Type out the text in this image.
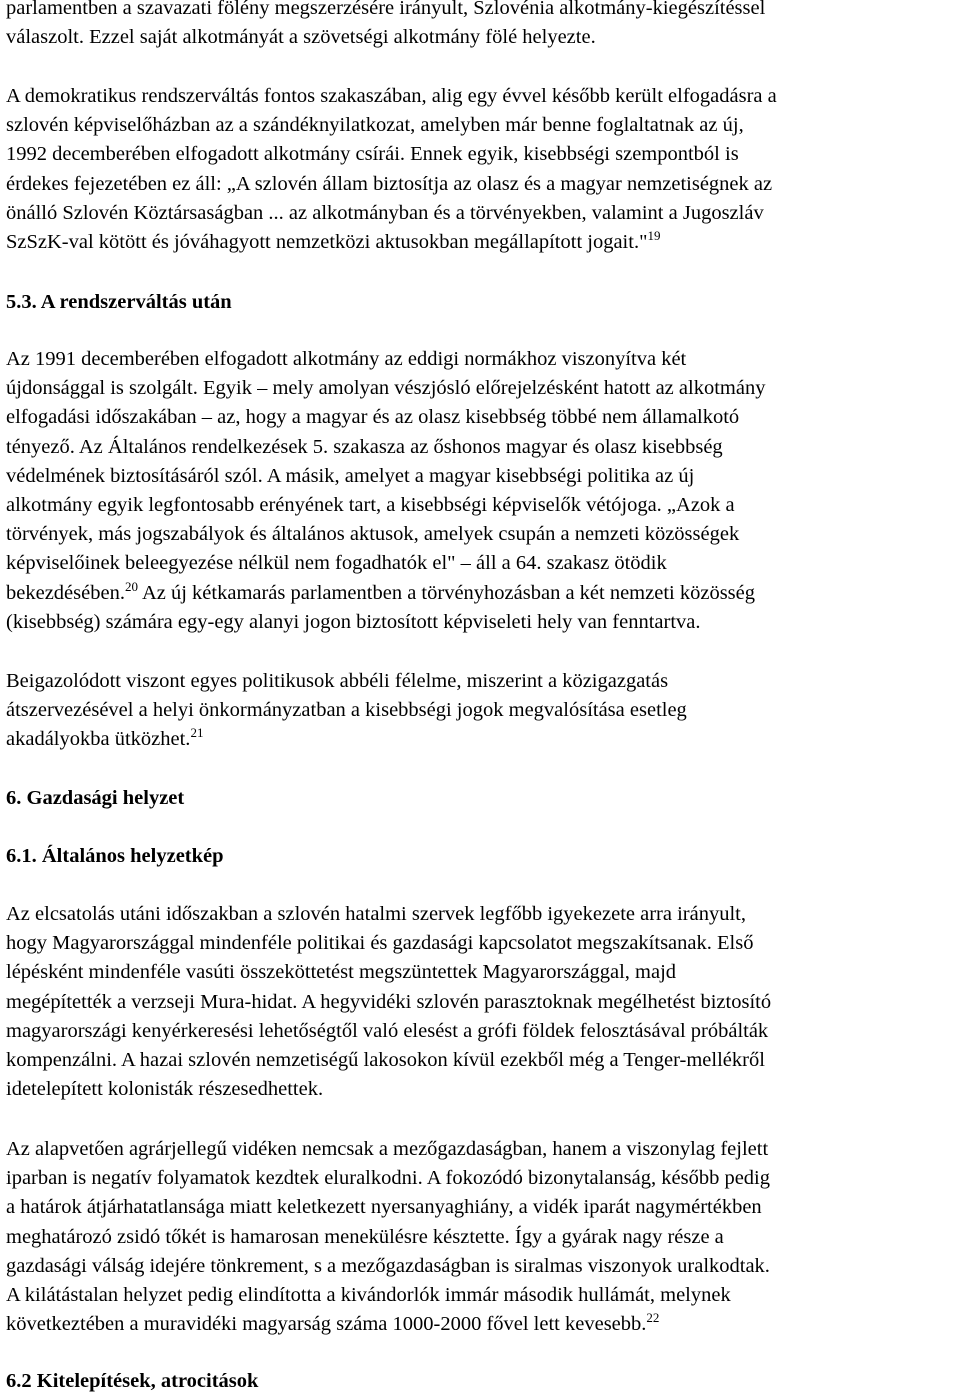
parlamentben a szavazati fölény megszerzésére irányult, Szlovénia alkotmány-kiegészítéssel
válaszolt. Ezzel saját alkotmányát a szövetségi alkotmány fölé helyezte.

A demokratikus rendszerváltás fontos szakaszában, alig egy évvel később került elfogadásra a
szlovén képviselőházban az a szándéknyilatkozat, amelyben már benne foglaltatnak az új,
1992 decemberében elfogadott alkotmány csírái. Ennek egyik, kisebbségi szempontból is
érdekes fejezetében ez áll: „A szlovén állam biztosítja az olasz és a magyar nemzetiségnek az
önálló Szlovén Köztársaságban ... az alkotmányban és a törvényekben, valamint a Jugoszláv
SzSzK-val kötött és jóváhagyott nemzetközi aktusokban megállapított jogait."$^{19}$

5.3. A rendszerváltás után

Az 1991 decemberében elfogadott alkotmány az eddigi normákhoz viszonyítva két
újdonsággal is szolgált. Egyik – mely amolyan vészjósló előrejelzésként hatott az alkotmány
elfogadási időszakában – az, hogy a magyar és az olasz kisebbség többé nem államalkotó
tényező. Az Általános rendelkezések 5. szakasza az őshonos magyar és olasz kisebbség
védelmének biztosításáról szól. A másik, amelyet a magyar kisebbségi politika az új
alkotmány egyik legfontosabb erényének tart, a kisebbségi képviselők vétójoga. „Azok a
törvények, más jogszabályok és általános aktusok, amelyek csupán a nemzeti közösségek
képviselőinek beleegyezése nélkül nem fogadhatók el" – áll a 64. szakasz ötödik
bekezdésében.$^{20}$ Az új kétkamarás parlamentben a törvényhozásban a két nemzeti közösség
(kisebbség) számára egy-egy alanyi jogon biztosított képviseleti hely van fenntartva.

Beigazolódott viszont egyes politikusok abbéli félelme, miszerint a közigazgatás
átszervezésével a helyi önkormányzatban a kisebbségi jogok megvalósítása esetleg
akadályokba ütközhet.$^{21}$

6. Gazdasági helyzet
6.1. Általános helyzetkép

Az elcsatolás utáni időszakban a szlovén hatalmi szervek legfőbb igyekezete arra irányult,
hogy Magyarországgal mindenféle politikai és gazdasági kapcsolatot megszakítsanak. Első
lépésként mindenféle vasúti összeköttetést megszüntettek Magyarországgal, majd
megépítették a verzseji Mura-hidat. A hegyvidéki szlovén parasztoknak megélhetést biztosító
magyarországi kenyérkeresési lehetőségtől való elesést a grófi földek felosztásával próbálták
kompenzálni. A hazai szlovén nemzetiségű lakosokon kívül ezekből még a Tenger-mellékről
idetelepített kolonisták részesedhettek.

Az alapvetően agrárjellegű vidéken nemcsak a mezőgazdaságban, hanem a viszonylag fejlett
iparban is negatív folyamatok kezdtek eluralkodni. A fokozódó bizonytalanság, később pedig
a határok átjárhatatlansága miatt keletkezett nyersanyaghiány, a vidék iparát nagymértékben
meghatározó zsidó tőkét is hamarosan menekülésre késztette. Így a gyárak nagy része a
gazdasági válság idejére tönkrement, s a mezőgazdaságban is siralmas viszonyok uralkodtak.
A kilátástalan helyzet pedig elindította a kivándorlók immár második hullámát, melynek
következtében a muravidéki magyarság száma 1000-2000 fővel lett kevesebb.$^{22}$

6.2 Kitelepítések, atrocitások
